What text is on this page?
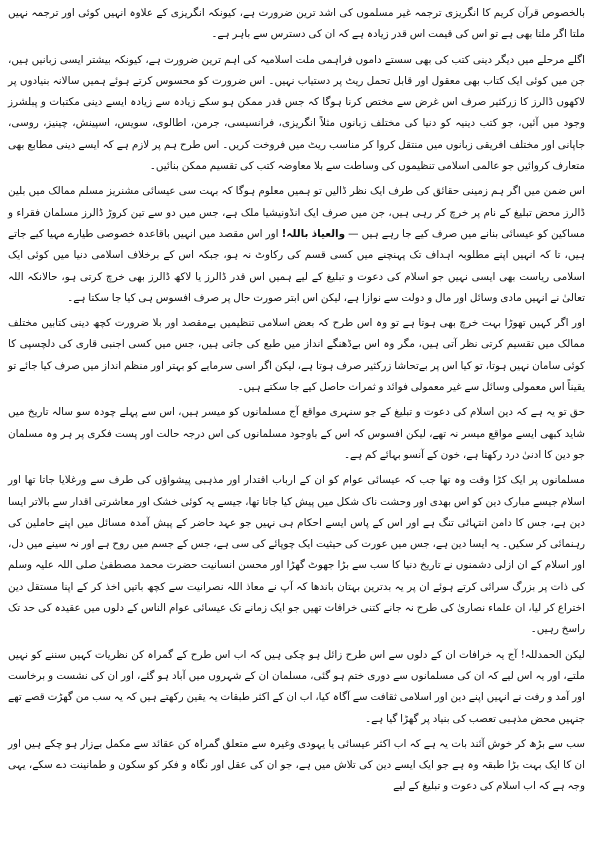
بالخصوص قرآن کریم کا انگریزی ترجمہ غیر مسلموں کی اشد ترین ضرورت ہے، کیونکہ انگریزی کے علاوہ انہیں کوئی اور ترجمہ نہیں ملتا اگر ملتا بھی ہے تو اس کی قیمت اس قدر زیادہ ہے کہ ان کی دسترس سے باہر ہے۔

اگلے مرحلے میں دیگر دینی کتب کی بھی سستے داموں فراہمی ملت اسلامیہ کی اہم ترین ضرورت ہے، کیونکہ بیشتر ایسی زبانیں ہیں، جن میں کوئی ایک کتاب بھی معقول اور قابل تحمل ریٹ پر دستیاب نہیں۔ اس ضرورت کو محسوس کرتے ہوئے ہمیں سالانہ بنیادوں پر لاکھوں ڈالرز کا زرکثیر صرف اس غرض سے مختص کرنا ہوگا کہ جس قدر ممکن ہو سکے زیادہ سے زیادہ ایسے دینی مکتبات و پبلشرز وجود میں آئیں، جو کتب دینیہ کو دنیا کی مختلف زبانوں مثلاً انگریزی، فرانسیسی، جرمن، اطالوی، سویس، اسپینش، چینیز، روسی، جاپانی اور مختلف افریقی زبانوں میں منتقل کروا کر مناسب ریٹ میں فروخت کریں۔ اس طرح ہم پر لازم ہے کہ ایسے دینی مطابع بھی متعارف کروائیں جو عالمی اسلامی تنظیموں کی وساطت سے بلا معاوضہ کتب کی تقسیم ممکن بنائیں۔

اس ضمن میں اگر ہم زمینی حقائق کی طرف ایک نظر ڈالیں تو ہمیں معلوم ہوگا کہ بہت سی عیسائی مشنریز مسلم ممالک میں بلین ڈالرز محض تبلیغ کے نام پر خرچ کر رہی ہیں، جن میں صرف ایک انڈونیشیا ملک ہے، جس میں دو سے تین کروڑ ڈالرز مسلمان فقراء و مساکین کو عیسائی بنانے میں صرف کیے جا رہے ہیں — والعیاذ باللہ! اور اس مقصد میں انہیں باقاعدہ خصوصی طیارے مہیا کیے جاتے ہیں، تا کہ انہیں اپنے مطلوبہ اہداف تک پہنچنے میں کسی قسم کی رکاوٹ نہ ہو، جبکہ اس کے برخلاف اسلامی دنیا میں کوئی ایک اسلامی ریاست بھی ایسی نہیں جو اسلام کی دعوت و تبلیغ کے لیے ہمیں اس قدر ڈالرز یا لاکھ ڈالرز بھی خرچ کرتی ہو، حالانکہ اللہ تعالیٰ نے انہیں مادی وسائل اور مال و دولت سے نوازا ہے، لیکن اس ابتر صورت حال پر صرف افسوس ہی کیا جا سکتا ہے۔

اور اگر کہیں تھوڑا بہت خرچ بھی ہوتا ہے تو وہ اس طرح کہ بعض اسلامی تنظیمیں بےمقصد اور بلا ضرورت کچھ دینی کتابیں مختلف ممالک میں تقسیم کرتی نظر آتی ہیں، مگر وہ اس بےڈھنگے انداز میں طبع کی جاتی ہیں، جس میں کسی اجنبی قاری کی دلچسپی کا کوئی سامان نہیں ہوتا، تو کیا اس پر بےتحاشا زرکثیر صرف ہوتا ہے، لیکن اگر اسی سرمایے کو بہتر اور منظم انداز میں صرف کیا جائے تو یقیناً اس معمولی وسائل سے غیر معمولی فوائد و ثمرات حاصل کیے جا سکتے ہیں۔

حق تو یہ ہے کہ دین اسلام کی دعوت و تبلیغ کے جو سنہری مواقع آج مسلمانوں کو میسر ہیں، اس سے پہلے چودہ سو سالہ تاریخ میں شاید کبھی ایسے مواقع میسر نہ تھے، لیکن افسوس کہ اس کے باوجود مسلمانوں کی اس درجہ حالت اور پست فکری پر ہر وہ مسلمان جو دین کا ادنیٰ درد رکھتا ہے، خون کے آنسو بہائے کم ہے۔

مسلمانوں پر ایک کڑا وقت وہ تھا جب کہ عیسائی عوام کو ان کے ارباب اقتدار اور مذہبی پیشواؤں کی طرف سے ورغلایا جاتا تھا اور اسلام جیسے مبارک دین کو اس بھدی اور وحشت ناک شکل میں پیش کیا جاتا تھا، جیسے یہ کوئی خشک اور معاشرتی اقدار سے بالاتر ایسا دین ہے، جس کا دامن انتہائی تنگ ہے اور اس کے پاس ایسے احکام ہی نہیں جو عہد حاضر کے پیش آمدہ مسائل میں اپنے حاملین کی رہنمائی کر سکیں۔ یہ ایسا دین ہے، جس میں عورت کی حیثیت ایک چوپائے کی سی ہے، جس کے جسم میں روح ہے اور نہ سینے میں دل، اور اسلام کے ان ازلی دشمنوں نے تاریخ دنیا کا سب سے بڑا جھوٹ گھڑا اور محسن انسانیت حضرت محمد مصطفیٰ صلی اللہ علیہ وسلم کی ذات پر بزرگ سرائی کرتے ہوئے ان پر یہ بدترین بہتان باندھا کہ آپ نے معاذ اللہ نصرانیت سے کچھ باتیں اخذ کر کے اپنا مستقل دین اختراع کر لیا، ان علماء نصاریٰ کی طرح نہ جانے کتنی خرافات تھیں جو ایک زمانے تک عیسائی عوام الناس کے دلوں میں عقیدہ کی حد تک راسخ رہیں۔

لیکن الحمدللہ! آج یہ خرافات ان کے دلوں سے اس طرح زائل ہو چکی ہیں کہ اب اس طرح کے گمراہ کن نظریات کہیں سننے کو نہیں ملتے، اور یہ اس لیے کہ ان کی مسلمانوں سے دوری ختم ہو گئی، مسلمان ان کے شہروں میں آباد ہو گئے، اور ان کی نشست و برخاست اور آمد و رفت نے انہیں اپنے دین اور اسلامی ثقافت سے آگاہ کیا، اب ان کے اکثر طبقات یہ یقین رکھتے ہیں کہ یہ سب من گھڑت قصے تھے جنہیں محض مذہبی تعصب کی بنیاد پر گھڑا گیا ہے۔

سب سے بڑھ کر خوش آئند بات یہ ہے کہ اب اکثر عیسائی یا یہودی وغیرہ سے متعلق گمراہ کن عقائد سے مکمل بےزار ہو چکے ہیں اور ان کا ایک بہت بڑا طبقہ وہ ہے جو ایک ایسے دین کی تلاش میں ہے، جو ان کی عقل اور نگاہ و فکر کو سکون و طمانینت دے سکے، یہی وجہ ہے کہ اب اسلام کی دعوت و تبلیغ کے لیے
